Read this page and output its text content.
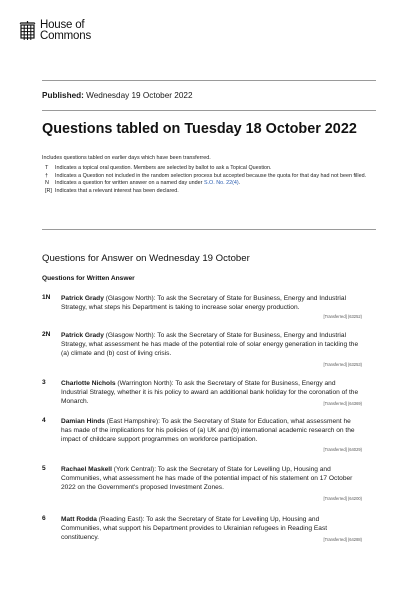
House of
Commons
Published: Wednesday 19 October 2022
Questions tabled on Tuesday 18 October 2022
Includes questions tabled on earlier days which have been transferred.
T	Indicates a topical oral question. Members are selected by ballot to ask a Topical Question.
†	Indicates a Question not included in the random selection process but accepted because the quota for that day had not been filled.
N	Indicates a question for written answer on a named day under S.O. No. 22(4).
[R] Indicates that a relevant interest has been declared.
Questions for Answer on Wednesday 19 October
Questions for Written Answer
1N Patrick Grady (Glasgow North): To ask the Secretary of State for Business, Energy and Industrial Strategy, what steps his Department is taking to increase solar energy production.
[Transferred] (63252)
2N Patrick Grady (Glasgow North): To ask the Secretary of State for Business, Energy and Industrial Strategy, what assessment he has made of the potential role of solar energy generation in tackling the (a) climate and (b) cost of living crisis.
[Transferred] (63253)
3 Charlotte Nichols (Warrington North): To ask the Secretary of State for Business, Energy and Industrial Strategy, whether it is his policy to award an additional bank holiday for the coronation of the Monarch.	[Transferred] (64369)
4 Damian Hinds (East Hampshire): To ask the Secretary of State for Education, what assessment he has made of the implications for his policies of (a) UK and (b) international academic research on the impact of childcare support programmes on workforce participation.
[Transferred] (64029)
5 Rachael Maskell (York Central): To ask the Secretary of State for Levelling Up, Housing and Communities, what assessment he has made of the potential impact of his statement on 17 October 2022 on the Government's proposed Investment Zones.
[Transferred] (64200)
6 Matt Rodda (Reading East): To ask the Secretary of State for Levelling Up, Housing and Communities, what support his Department provides to Ukrainian refugees in Reading East constituency.	[Transferred] (64288)
